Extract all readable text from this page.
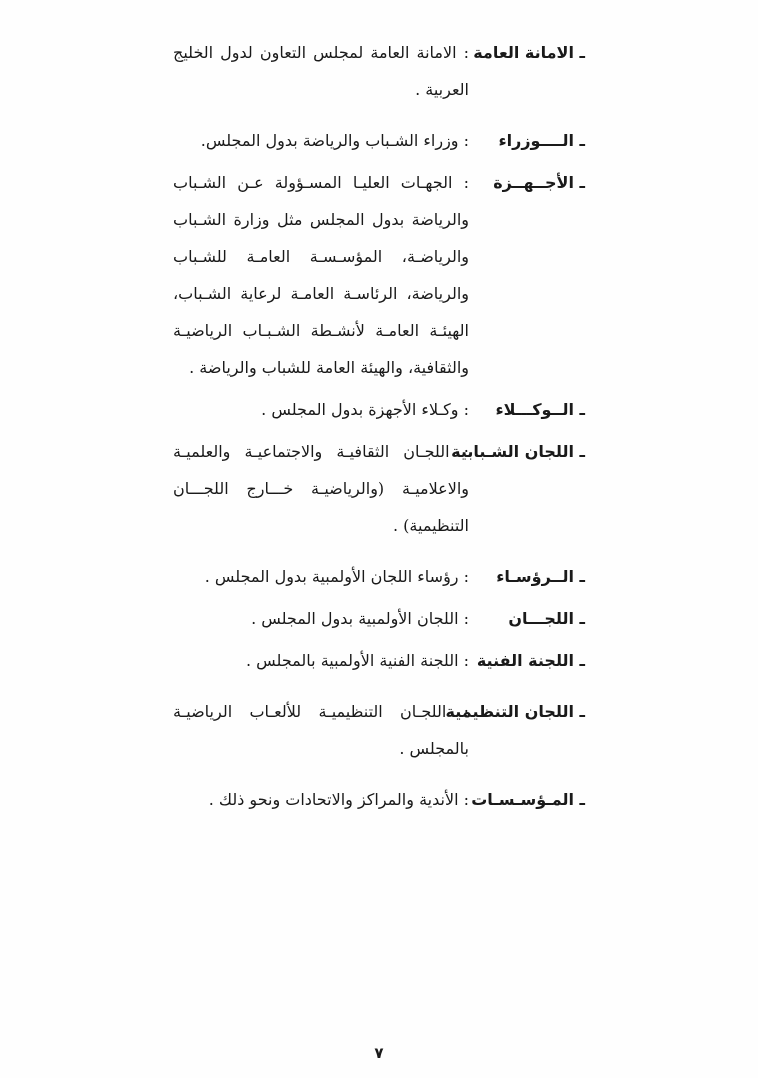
ـ الامانة العامة
: الامانة العامة لمجلس التعاون لدول الخليج العربية .
ـ الــــوزراء
: وزراء الشـباب والرياضة بدول المجلس.
ـ الأجــهــزة
: الجهـات العليـا المسـؤولة عـن الشـباب والرياضة بدول المجلس مثل وزارة الشـباب والرياضـة، المؤسـسـة العامـة للشـباب والرياضة، الرئاسـة العامـة لرعاية الشـباب، الهيئـة العامـة لأنشـطة الشـبـاب الرياضيـة والثقافية، والهيئة العامة للشباب والرياضة .
ـ الــوكـــلاء
: وكـلاء الأجهزة بدول المجلس .
ـ اللجان الشـبابية
: اللجـان الثقافيـة والاجتماعيـة والعلميـة والاعلاميـة (والرياضيـة خـــارج اللجـــان التنظيمية) .
ـ الــرؤسـاء
: رؤساء اللجان الأولمبية بدول المجلس .
ـ اللجـــان
: اللجان الأولمبية بدول المجلس .
ـ اللجنة الفنية
: اللجنة الفنية الأولمبية بالمجلس .
ـ اللجان التنظيمية
: اللجـان التنظيميـة للألعـاب الرياضيـة بالمجلس .
ـ المـؤسـسـات
: الأندية والمراكز والاتحادات ونحو ذلك .
٧
